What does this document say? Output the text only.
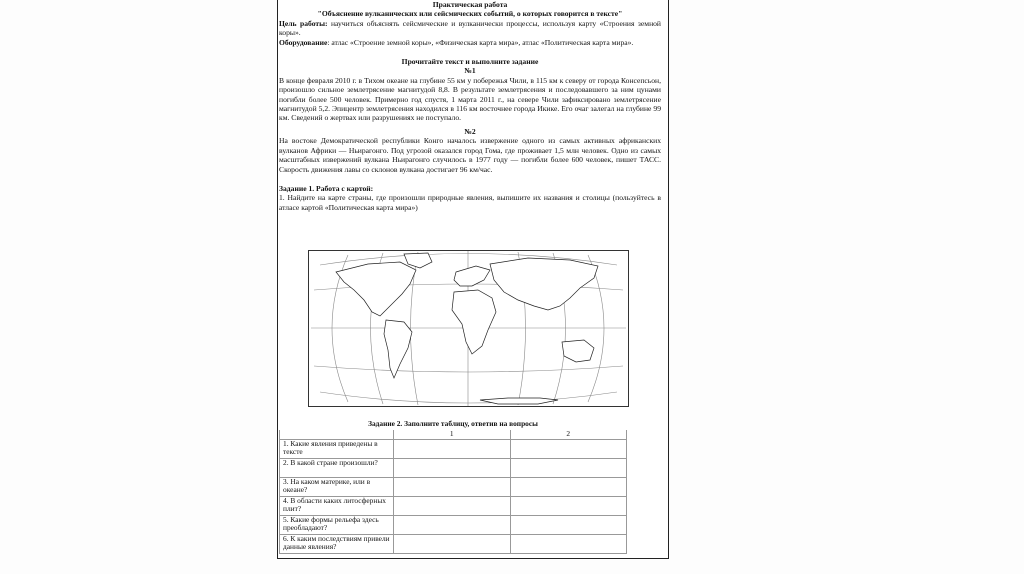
Практическая работа
"Объяснение вулканических или сейсмических событий, о которых говорится в тексте"

Цель работы: научиться объяснять сейсмические и вулканически процессы, используя карту «Строения земной коры».

Оборудование: атлас «Строение земной коры», «Физическая карта мира», атлас «Политическая карта мира».

Прочитайте текст и выполните задание
№1

В конце февраля 2010 г. в Тихом океане на глубине 55 км у побережья Чили, в 115 км к северу от города Консепсьон, произошло сильное землетрясение магнитудой 8,8. В результате землетрясения и последовавшего за ним цунами погибли более 500 человек. Примерно год спустя, 1 марта 2011 г., на севере Чили зафиксировано землетрясение магнитудой 5,2. Эпицентр землетрясения находился в 116 км восточнее города Икике. Его очаг залегал на глубине 99 км. Сведений о жертвах или разрушениях не поступало.

№2

На востоке Демократической республики Конго началось извержение одного из самых активных африканских вулканов Африки — Ньирагонго. Под угрозой оказался город Гома, где проживает 1,5 млн человек. Одно из самых масштабных извержений вулкана Ньирагонго случилось в 1977 году — погибли более 600 человек, пишет ТАСС. Скорость движения лавы со склонов вулкана достигает 96 км/час.

Задание 1. Работа с картой:

1. Найдите на карте страны, где произошли природные явления, выпишите их названия и столицы (пользуйтесь в атласе картой «Политическая карта мира»)

Задание 2. Заполните таблицу, ответив на вопросы		
	1	2
1. Какие явления приведены в тексте		
2. В какой стране произошли?		
3. На каком материке, или в океане?		
4. В области каких литосферных плит?		
5. Какие формы рельефа здесь преобладают?		
6. К каким последствиям привели данные явления?		
